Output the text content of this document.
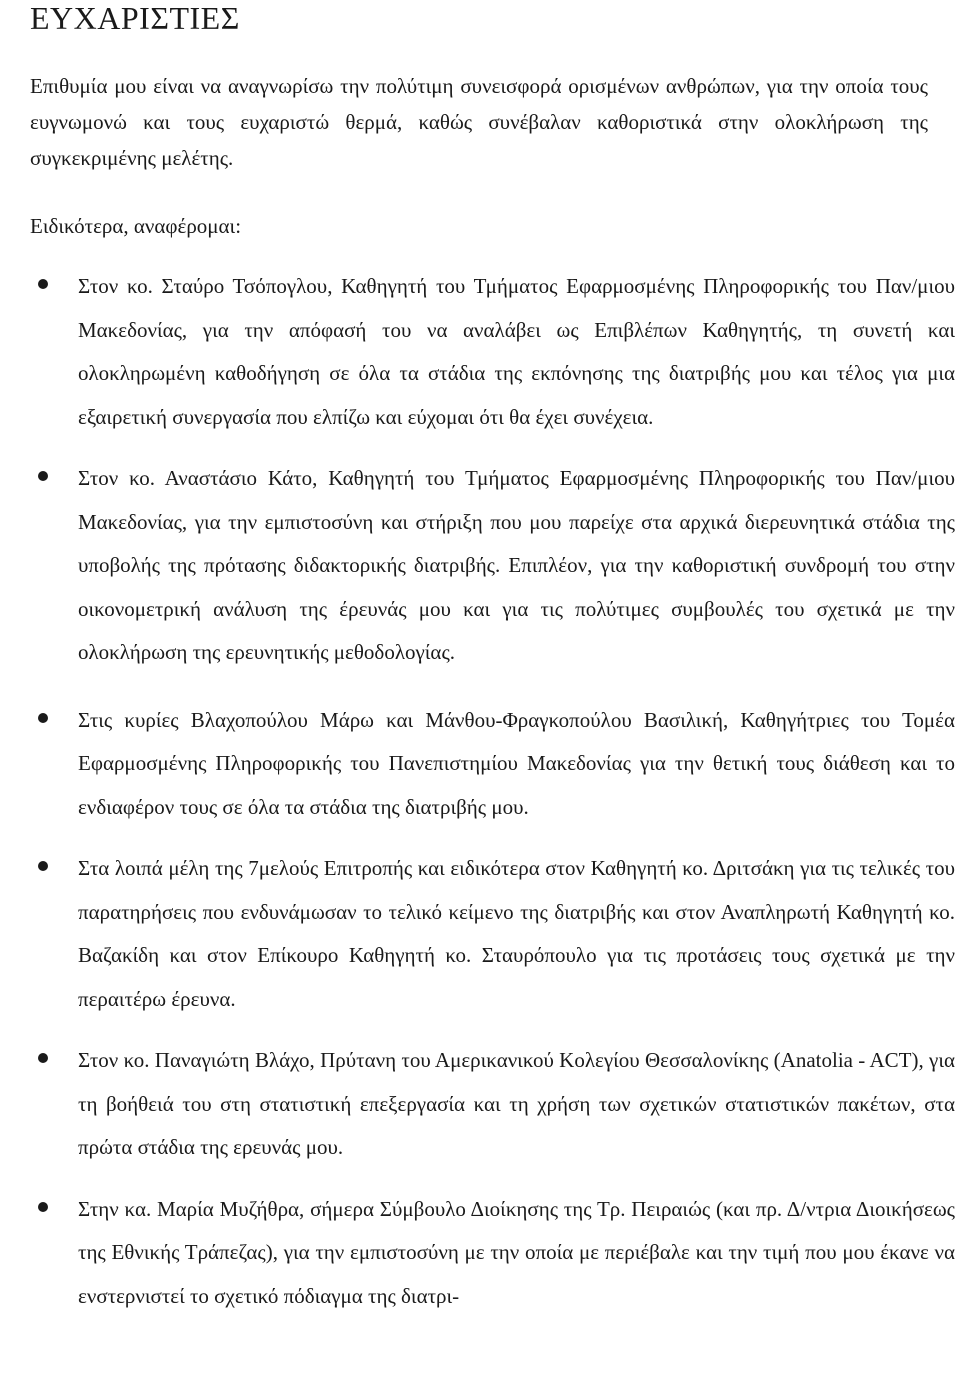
ΕΥΧΑΡΙΣΤΙΕΣ

Επιθυμία μου είναι να αναγνωρίσω την πολύτιμη συνεισφορά ορισμένων ανθρώπων, για την οποία τους ευγνωμονώ και τους ευχαριστώ θερμά, καθώς συνέβαλαν καθοριστικά στην ολοκλήρωση της συγκεκριμένης μελέτης.

Ειδικότερα, αναφέρομαι:

Στον κο. Σταύρο Τσόπογλου, Καθηγητή του Τμήματος Εφαρμοσμένης Πληροφορικής του Παν/μιου Μακεδονίας, για την απόφασή του να αναλάβει ως Επιβλέπων Καθηγητής, τη συνετή και ολοκληρωμένη καθοδήγηση σε όλα τα στάδια της εκπόνησης της διατριβής μου και τέλος για μια εξαιρετική συνεργασία που ελπίζω και εύχομαι ότι θα έχει συνέχεια.
Στον κο. Αναστάσιο Κάτο, Καθηγητή του Τμήματος Εφαρμοσμένης Πληροφορικής του Παν/μιου Μακεδονίας, για την εμπιστοσύνη και στήριξη που μου παρείχε στα αρχικά διερευνητικά στάδια της υποβολής της πρότασης διδακτορικής διατριβής. Επιπλέον, για την καθοριστική συνδρομή του στην οικονομετρική ανάλυση της έρευνάς μου και για τις πολύτιμες συμβουλές του σχετικά με την ολοκλήρωση της ερευνητικής μεθοδολογίας.
Στις κυρίες Βλαχοπούλου Μάρω και Μάνθου-Φραγκοπούλου Βασιλική, Καθηγήτριες του Τομέα Εφαρμοσμένης Πληροφορικής του Πανεπιστημίου Μακεδονίας για την θετική τους διάθεση και το ενδιαφέρον τους σε όλα τα στάδια της διατριβής μου.
Στα λοιπά μέλη της 7μελούς Επιτροπής και ειδικότερα στον Καθηγητή κο. Δριτσάκη για τις τελικές του παρατηρήσεις που ενδυνάμωσαν το τελικό κείμενο της διατριβής και στον Αναπληρωτή Καθηγητή κο. Βαζακίδη και στον Επίκουρο Καθηγητή κο. Σταυρόπουλο για τις προτάσεις τους σχετικά με την περαιτέρω έρευνα.
Στον κο. Παναγιώτη Βλάχο, Πρύτανη του Αμερικανικού Κολεγίου Θεσσαλονίκης (Anatolia - ACT), για τη βοήθειά του στη στατιστική επεξεργασία και τη χρήση των σχετικών στατιστικών πακέτων, στα πρώτα στάδια της ερευνάς μου.
Στην κα. Μαρία Μυζήθρα, σήμερα Σύμβουλο Διοίκησης της Τρ. Πειραιώς (και πρ. Δ/ντρια Διοικήσεως της Εθνικής Τράπεζας), για την εμπιστοσύνη με την οποία με περιέβαλε και την τιμή που μου έκανε να ενστερνιστεί το σχετικό πόδιαγμα της διατρι-
